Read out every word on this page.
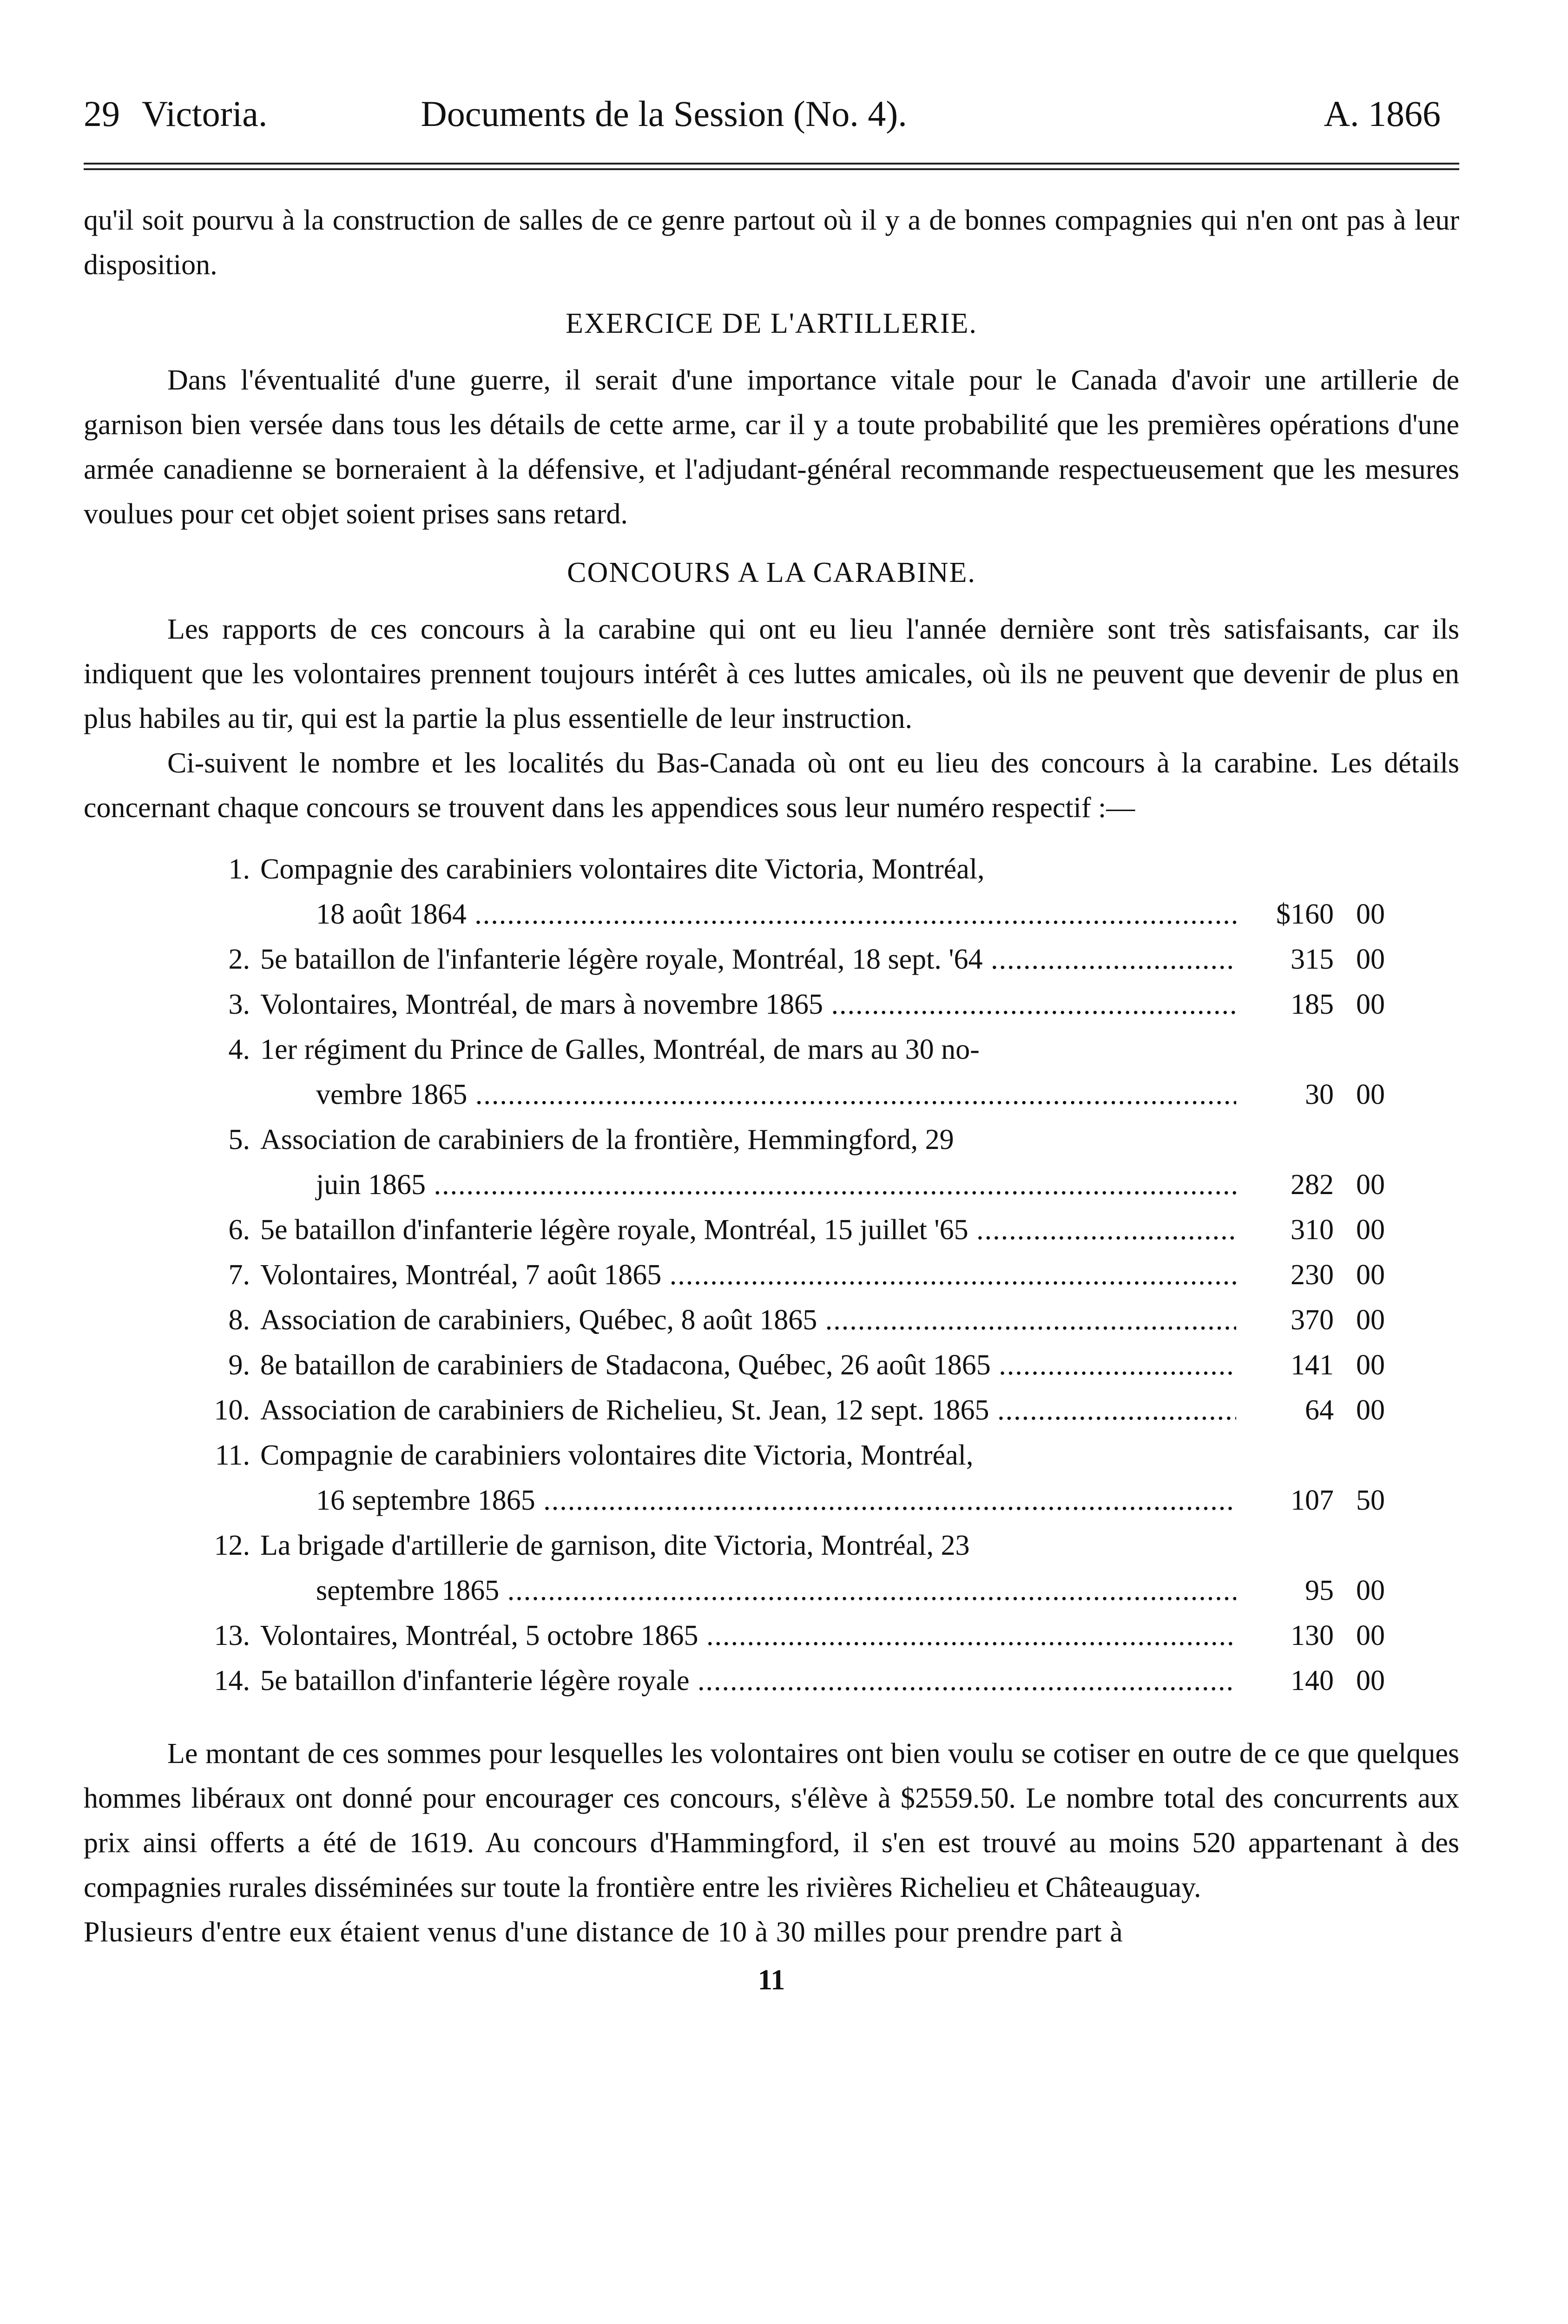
29 Victoria.	Documents de la Session (No. 4).	A. 1866

qu'il soit pourvu à la construction de salles de ce genre partout où il y a de bonnes compagnies qui n'en ont pas à leur disposition.

EXERCICE DE L'ARTILLERIE.

Dans l'éventualité d'une guerre, il serait d'une importance vitale pour le Canada d'avoir une artillerie de garnison bien versée dans tous les détails de cette arme, car il y a toute probabilité que les premières opérations d'une armée canadienne se borneraient à la défensive, et l'adjudant-général recommande respectueusement que les mesures voulues pour cet objet soient prises sans retard.

CONCOURS A LA CARABINE.

Les rapports de ces concours à la carabine qui ont eu lieu l'année dernière sont très satisfaisants, car ils indiquent que les volontaires prennent toujours intérêt à ces luttes amicales, où ils ne peuvent que devenir de plus en plus habiles au tir, qui est la partie la plus essentielle de leur instruction.

Ci-suivent le nombre et les localités du Bas-Canada où ont eu lieu des concours à la carabine. Les détails concernant chaque concours se trouvent dans les appendices sous leur numéro respectif :—

1. Compagnie des carabiniers volontaires dite Victoria, Montréal,
18 août 1864 .....	$160 00
2. 5e bataillon de l'infanterie légère royale, Montréal, 18 sept. '64 .....	315 00
3. Volontaires, Montréal, de mars à novembre 1865 .....	185 00
4. 1er régiment du Prince de Galles, Montréal, de mars au 30 no-
vembre 1865 .....	30 00
5. Association de carabiniers de la frontière, Hemmingford, 29
juin 1865 .....	282 00
6. 5e bataillon d'infanterie légère royale, Montréal, 15 juillet '65 .....	310 00
7. Volontaires, Montréal, 7 août 1865 .....	230 00
8. Association de carabiniers, Québec, 8 août 1865 .....	370 00
9. 8e bataillon de carabiniers de Stadacona, Québec, 26 août 1865 .....	141 00
10. Association de carabiniers de Richelieu, St. Jean, 12 sept. 1865 .....	64 00
11. Compagnie de carabiniers volontaires dite Victoria, Montréal,
16 septembre 1865 .....	107 50
12. La brigade d'artillerie de garnison, dite Victoria, Montréal, 23
septembre 1865 .....	95 00
13. Volontaires, Montréal, 5 octobre 1865 .....	130 00
14. 5e bataillon d'infanterie légère royale .....	140 00

Le montant de ces sommes pour lesquelles les volontaires ont bien voulu se cotiser en outre de ce que quelques hommes libéraux ont donné pour encourager ces concours, s'élève à $2559.50. Le nombre total des concurrents aux prix ainsi offerts a été de 1619. Au concours d'Hammingford, il s'en est trouvé au moins 520 appartenant à des compagnies rurales disséminées sur toute la frontière entre les rivières Richelieu et Châteauguay.

Plusieurs d'entre eux étaient venus d'une distance de 10 à 30 milles pour prendre part à

11
